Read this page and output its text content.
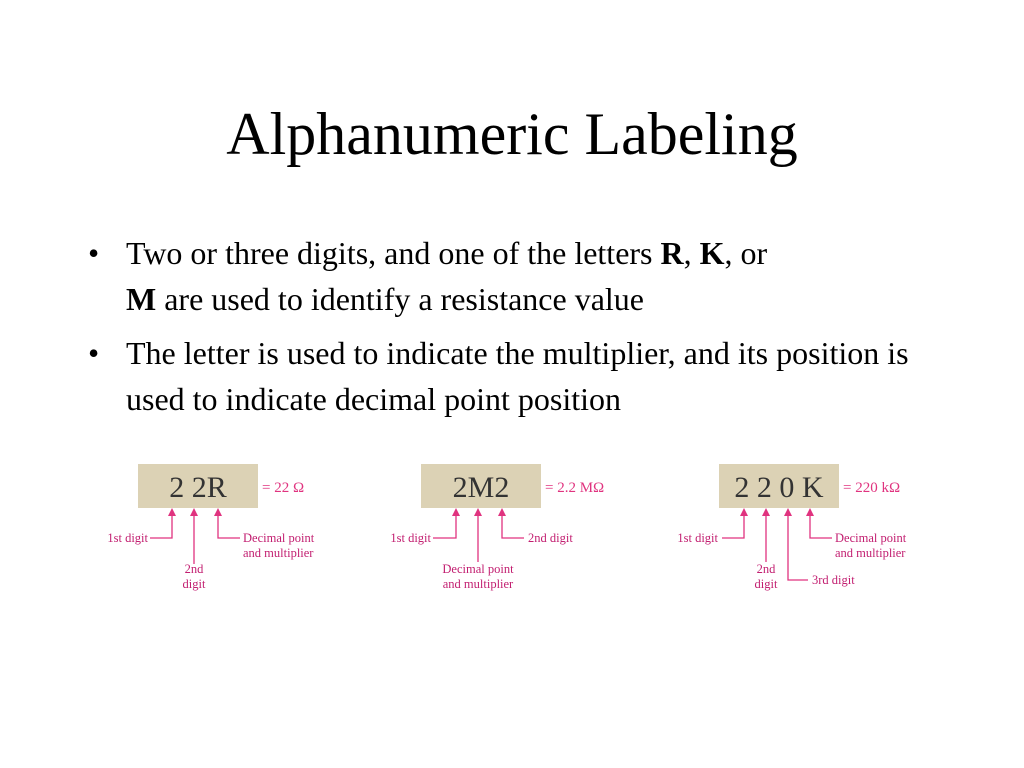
Alphanumeric Labeling
• Two or three digits, and one of the letters R, K, or
M are used to identify a resistance value
• The letter is used to indicate the multiplier, and its position is used to indicate decimal point position
2 2R = 22 Ω
1st digit
2nd
digit
Decimal point
and multiplier
2M2 = 2.2 MΩ
1st digit
Decimal point
and multiplier
2nd digit
2 2 0 K = 220 kΩ
1st digit
2nd
digit	3rd digit
Decimal point
and multiplier
